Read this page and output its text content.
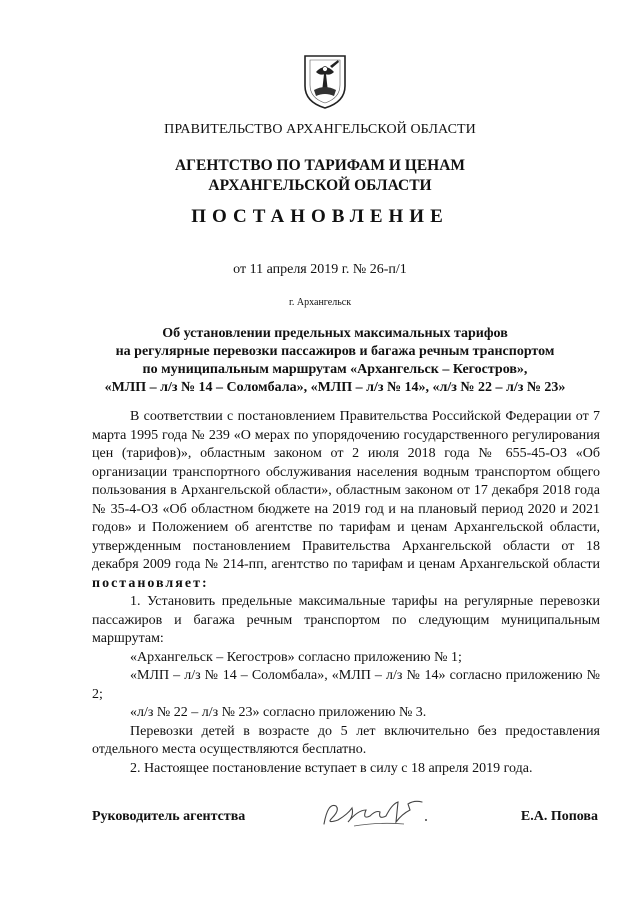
ПРАВИТЕЛЬСТВО АРХАНГЕЛЬСКОЙ ОБЛАСТИ
АГЕНТСТВО ПО ТАРИФАМ И ЦЕНАМ
АРХАНГЕЛЬСКОЙ ОБЛАСТИ
ПОСТАНОВЛЕНИЕ
от 11 апреля 2019 г. № 26-п/1
г. Архангельск
Об установлении предельных максимальных тарифов
на регулярные перевозки пассажиров и багажа речным транспортом
по муниципальным маршрутам «Архангельск – Кегостров»,
«МЛП – л/з № 14 – Соломбала», «МЛП – л/з № 14», «л/з № 22 – л/з № 23»

В соответствии с постановлением Правительства Российской Федерации от 7 марта 1995 года № 239 «О мерах по упорядочению государственного регулирования цен (тарифов)», областным законом от 2 июля 2018 года № 655-45-ОЗ «Об организации транспортного обслуживания населения водным транспортом общего пользования в Архангельской области», областным законом от 17 декабря 2018 года № 35-4-ОЗ «Об областном бюджете на 2019 год и на плановый период 2020 и 2021 годов» и Положением об агентстве по тарифам и ценам Архангельской области, утвержденным постановлением Правительства Архангельской области от 18 декабря 2009 года № 214-пп, агентство по тарифам и ценам Архангельской области постановляет:

1. Установить предельные максимальные тарифы на регулярные перевозки пассажиров и багажа речным транспортом по следующим муниципальным маршрутам:

«Архангельск – Кегостров» согласно приложению № 1;

«МЛП – л/з № 14 – Соломбала», «МЛП – л/з № 14» согласно приложению № 2;

«л/з № 22 – л/з № 23» согласно приложению № 3.

Перевозки детей в возрасте до 5 лет включительно без предоставления отдельного места осуществляются бесплатно.

2. Настоящее постановление вступает в силу с 18 апреля 2019 года.

Руководитель агентства	Е.А. Попова
